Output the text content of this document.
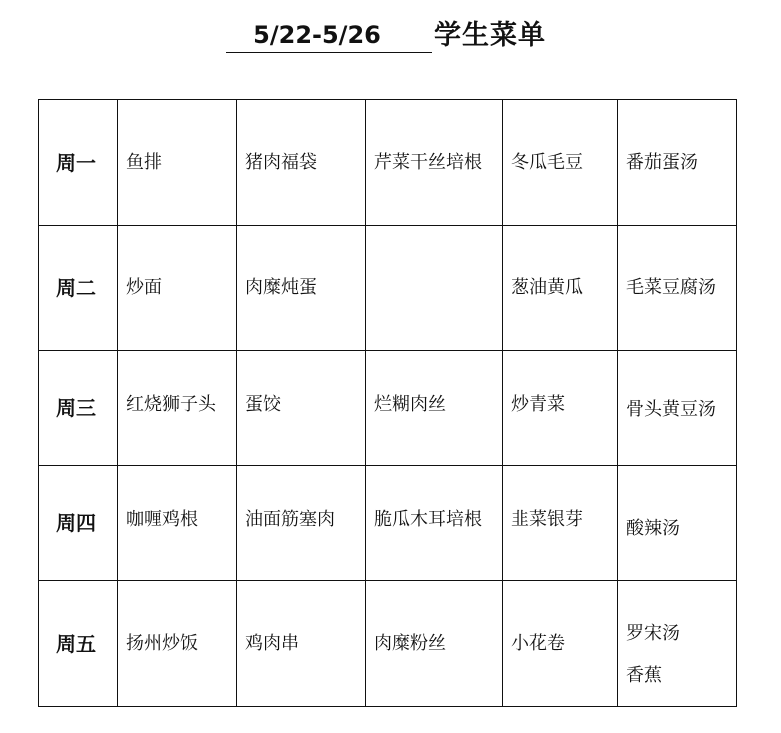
5/22-5/26	学生菜单
周一	鱼排	猪肉福袋	芹菜干丝培根	冬瓜毛豆	番茄蛋汤

周二	炒面	肉糜炖蛋		葱油黄瓜	毛菜豆腐汤

周三	红烧狮子头	蛋饺	烂糊肉丝	炒青菜	骨头黄豆汤

周四	咖喱鸡根	油面筋塞肉	脆瓜木耳培根	韭菜银芽	酸辣汤

周五	扬州炒饭	鸡肉串	肉糜粉丝	小花卷	罗宋汤
香蕉
